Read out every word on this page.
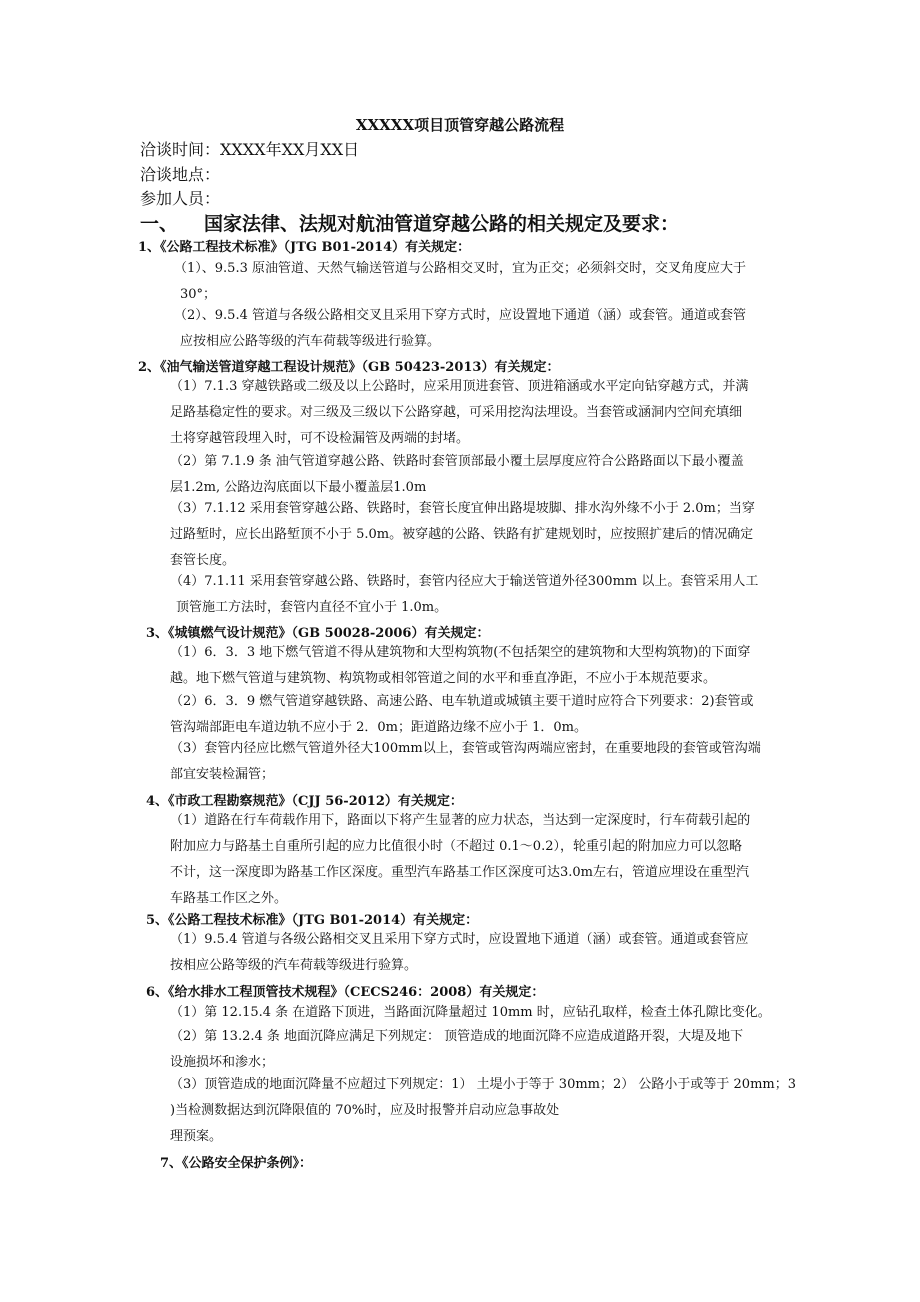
XXXXX项目顶管穿越公路流程
洽谈时间：XXXX年XX月XX日
洽谈地点：
参加人员：
一、 国家法律、法规对航油管道穿越公路的相关规定及要求：
1、《公路工程技术标准》（JTG B01-2014）有关规定：
（1）、9.5.3 原油管道、天然气输送管道与公路相交叉时，宜为正交；必须斜交时，交叉角度应大于
30°；
（2）、9.5.4 管道与各级公路相交叉且采用下穿方式时，应设置地下通道（涵）或套管。通道或套管
应按相应公路等级的汽车荷载等级进行验算。
2、《油气输送管道穿越工程设计规范》（GB 50423-2013）有关规定：
（1）7.1.3 穿越铁路或二级及以上公路时，应采用顶进套管、顶进箱涵或水平定向钻穿越方式，并满
足路基稳定性的要求。对三级及三级以下公路穿越，可采用挖沟法埋设。当套管或涵洞内空间充填细
土将穿越管段埋入时，可不设检漏管及两端的封堵。
（2）第 7.1.9 条 油气管道穿越公路、铁路时套管顶部最小覆土层厚度应符合公路路面以下最小覆盖
层1.2m, 公路边沟底面以下最小覆盖层1.0m
（3）7.1.12 采用套管穿越公路、铁路时，套管长度宜伸出路堤坡脚、排水沟外缘不小于 2.0m；当穿
过路堑时，应长出路堑顶不小于 5.0m。被穿越的公路、铁路有扩建规划时，应按照扩建后的情况确定
套管长度。
（4）7.1.11 采用套管穿越公路、铁路时，套管内径应大于输送管道外径300mm 以上。套管采用人工
顶管施工方法时，套管内直径不宜小于 1.0m。
3、《城镇燃气设计规范》（GB 50028-2006）有关规定：
（1）6．3．3 地下燃气管道不得从建筑物和大型构筑物(不包括架空的建筑物和大型构筑物)的下面穿
越。地下燃气管道与建筑物、构筑物或相邻管道之间的水平和垂直净距，不应小于本规范要求。
（2）6．3．9 燃气管道穿越铁路、高速公路、电车轨道或城镇主要干道时应符合下列要求：2)套管或
管沟端部距电车道边轨不应小于 2．0m；距道路边缘不应小于 1．0m。
（3）套管内径应比燃气管道外径大100mm以上，套管或管沟两端应密封，在重要地段的套管或管沟端
部宜安装检漏管；
4、《市政工程勘察规范》（CJJ 56-2012）有关规定：
（1）道路在行车荷载作用下，路面以下将产生显著的应力状态，当达到一定深度时，行车荷载引起的
附加应力与路基土自重所引起的应力比值很小时（不超过 0.1～0.2），轮重引起的附加应力可以忽略
不计，这一深度即为路基工作区深度。重型汽车路基工作区深度可达3.0m左右，管道应埋设在重型汽
车路基工作区之外。
5、《公路工程技术标准》（JTG B01-2014）有关规定：
（1）9.5.4 管道与各级公路相交叉且采用下穿方式时，应设置地下通道（涵）或套管。通道或套管应
按相应公路等级的汽车荷载等级进行验算。
6、《给水排水工程顶管技术规程》（CECS246：2008）有关规定：
（1）第 12.15.4 条 在道路下顶进，当路面沉降量超过 10mm 时，应钻孔取样，检查土体孔隙比变化。
（2）第 13.2.4 条 地面沉降应满足下列规定： 顶管造成的地面沉降不应造成道路开裂，大堤及地下
设施损坏和渗水；
（3）顶管造成的地面沉降量不应超过下列规定：1） 土堤小于等于 30mm；2） 公路小于或等于 20mm；3
)当检测数据达到沉降限值的 70%时，应及时报警并启动应急事故处
理预案。
7、《公路安全保护条例》：
